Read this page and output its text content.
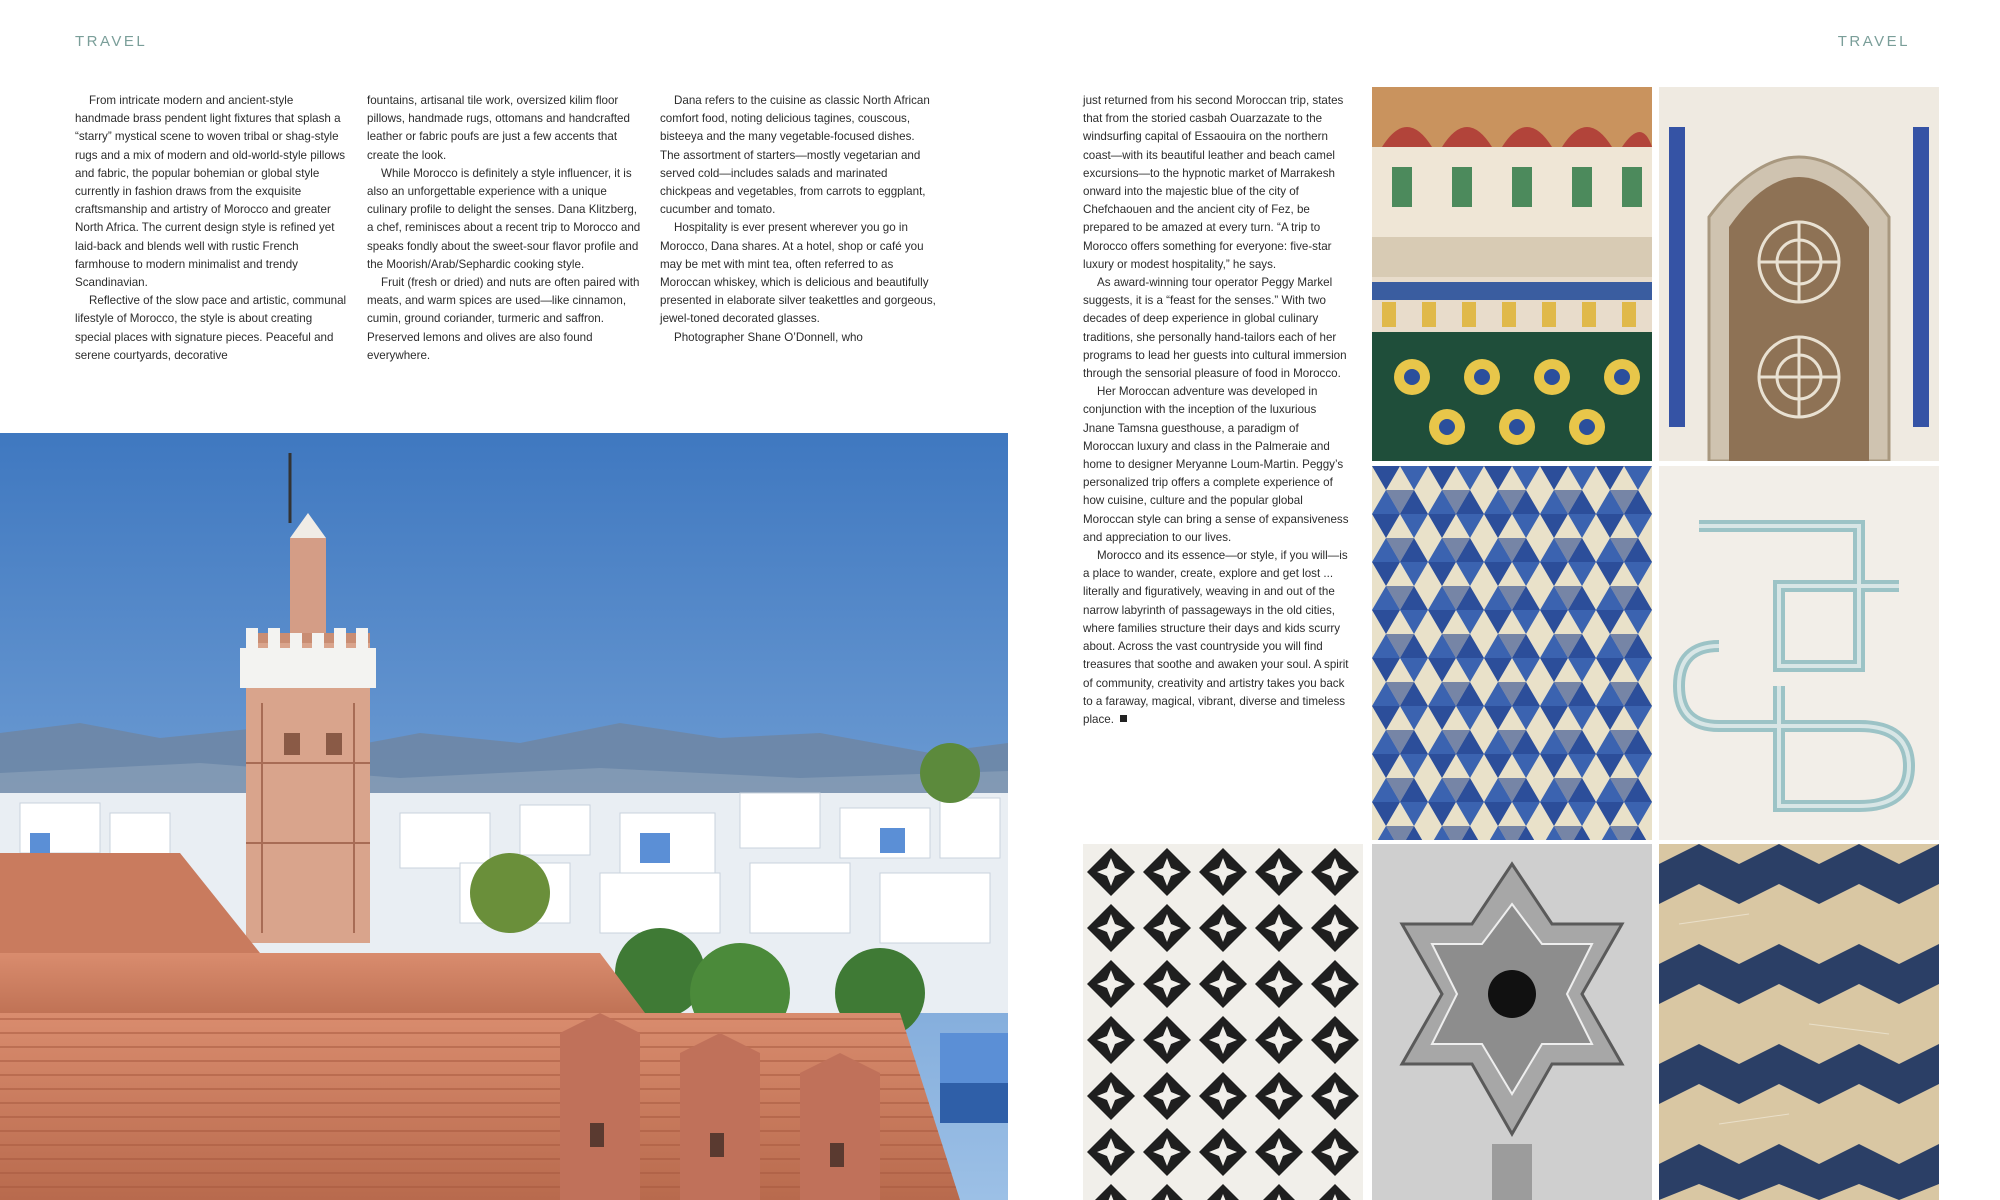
TRAVEL	TRAVEL

From intricate modern and ancient-style handmade brass pendent light fixtures that splash a “starry” mystical scene to woven tribal or shag-style rugs and a mix of modern and old-world-style pillows and fabric, the popular bohemian or global style currently in fashion draws from the exquisite craftsmanship and artistry of Morocco and greater North Africa. The current design style is refined yet laid-back and blends well with rustic French farmhouse to modern minimalist and trendy Scandinavian.

Reflective of the slow pace and artistic, communal lifestyle of Morocco, the style is about creating special places with signature pieces. Peaceful and serene courtyards, decorative

fountains, artisanal tile work, oversized kilim floor pillows, handmade rugs, ottomans and handcrafted leather or fabric poufs are just a few accents that create the look.

While Morocco is definitely a style influencer, it is also an unforgettable experience with a unique culinary profile to delight the senses. Dana Klitzberg, a chef, reminisces about a recent trip to Morocco and speaks fondly about the sweet-sour flavor profile and the Moorish/Arab/Sephardic cooking style.

Fruit (fresh or dried) and nuts are often paired with meats, and warm spices are used—like cinnamon, cumin, ground coriander, turmeric and saffron. Preserved lemons and olives are also found everywhere.

Dana refers to the cuisine as classic North African comfort food, noting delicious tagines, couscous, bisteeya and the many vegetable-focused dishes. The assortment of starters—mostly vegetarian and served cold—includes salads and marinated chickpeas and vegetables, from carrots to eggplant, cucumber and tomato.

Hospitality is ever present wherever you go in Morocco, Dana shares. At a hotel, shop or café you may be met with mint tea, often referred to as Moroccan whiskey, which is delicious and beautifully presented in elaborate silver teakettles and gorgeous, jewel-toned decorated glasses.

Photographer Shane O’Donnell, who

just returned from his second Moroccan trip, states that from the storied casbah Ouarzazate to the windsurfing capital of Essaouira on the northern coast—with its beautiful leather and beach camel excursions—to the hypnotic market of Marrakesh onward into the majestic blue of the city of Chefchaouen and the ancient city of Fez, be prepared to be amazed at every turn. “A trip to Morocco offers something for everyone: five-star luxury or modest hospitality,” he says.

As award-winning tour operator Peggy Markel suggests, it is a “feast for the senses.” With two decades of deep experience in global culinary traditions, she personally hand-tailors each of her programs to lead her guests into cultural immersion through the sensorial pleasure of food in Morocco.

Her Moroccan adventure was developed in conjunction with the inception of the luxurious Jnane Tamsna guesthouse, a paradigm of Moroccan luxury and class in the Palmeraie and home to designer Meryanne Loum-Martin. Peggy’s personalized trip offers a complete experience of how cuisine, culture and the popular global Moroccan style can bring a sense of expansiveness and appreciation to our lives.

Morocco and its essence—or style, if you will—is a place to wander, create, explore and get lost ... literally and figuratively, weaving in and out of the narrow labyrinth of passageways in the old cities, where families structure their days and kids scurry about. Across the vast countryside you will find treasures that soothe and awaken your soul. A spirit of community, creativity and artistry takes you back to a faraway, magical, vibrant, diverse and timeless place.
